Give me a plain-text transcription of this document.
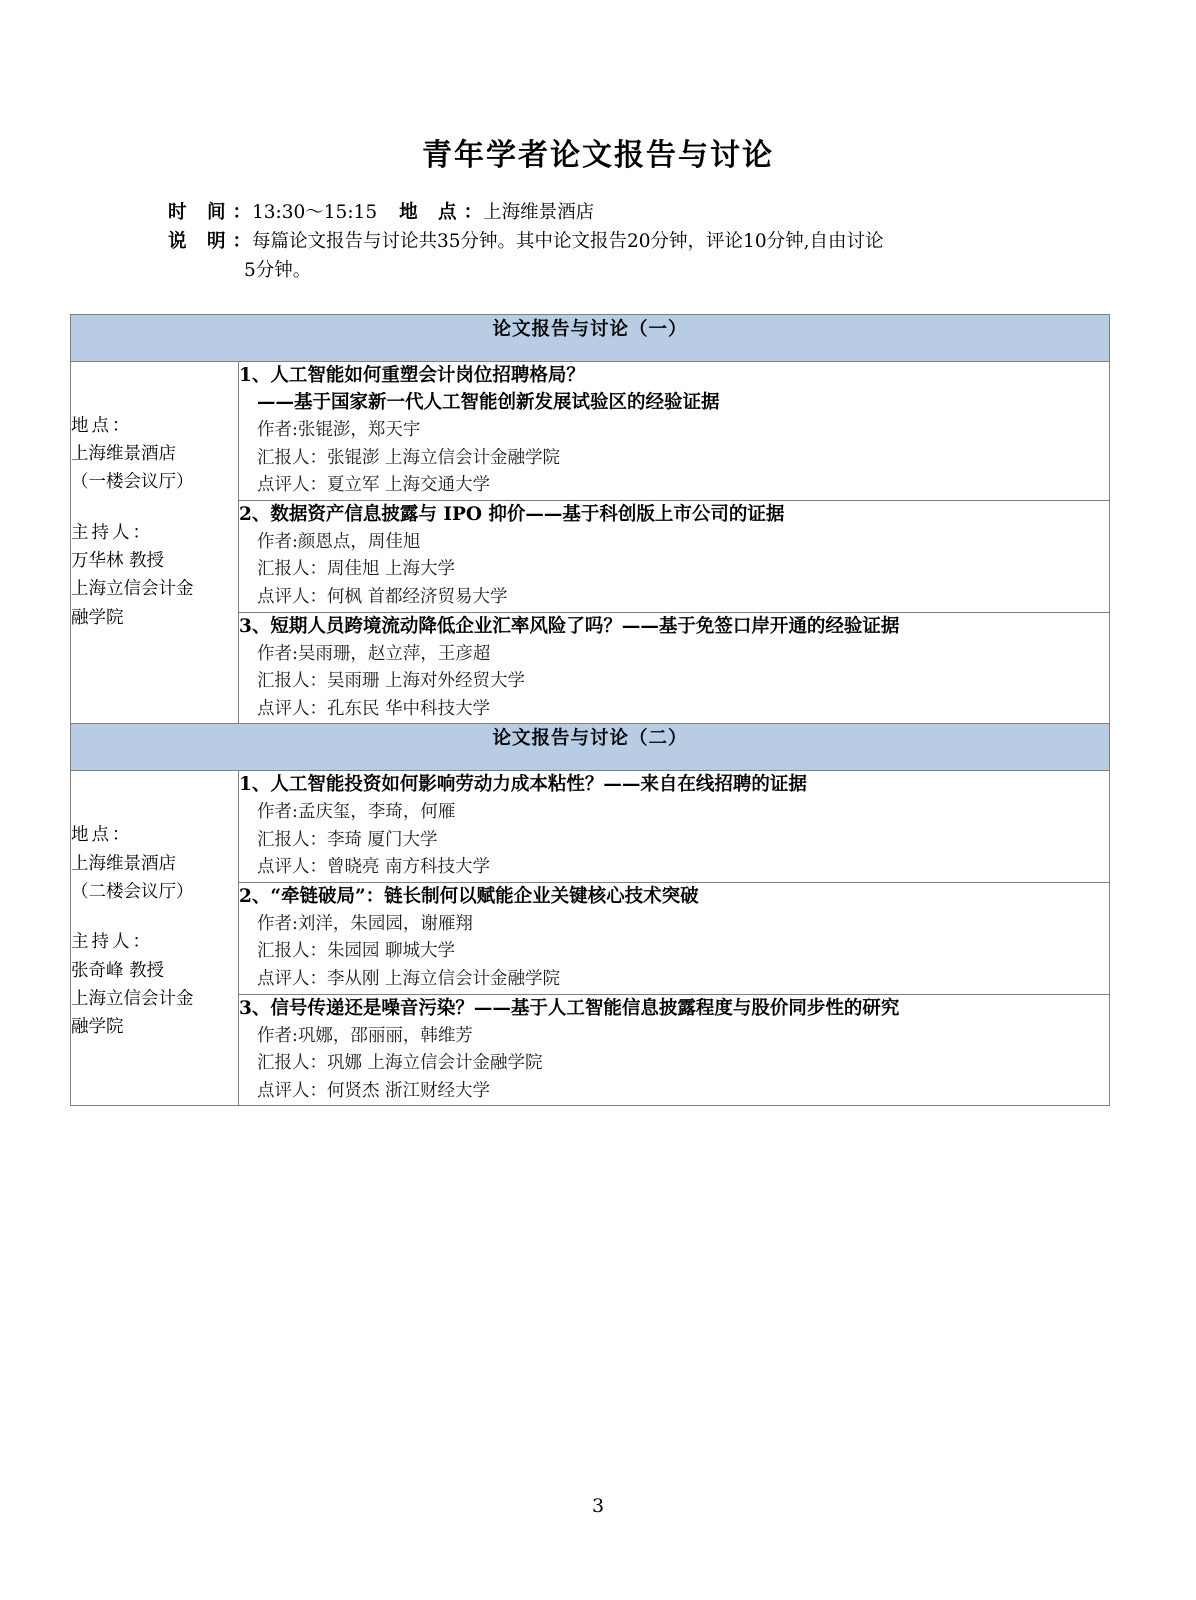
青年学者论文报告与讨论
时 间：13:30～15:15 地 点：上海维景酒店
说 明：每篇论文报告与讨论共35分钟。其中论文报告20分钟，评论10分钟,自由讨论
5分钟。
论文报告与讨论（一）	

地点：
上海维景酒店
（一楼会议厅）
主持人：
万华林 教授
上海立信会计金
融学院

1、人工智能如何重塑会计岗位招聘格局？
——基于国家新一代人工智能创新发展试验区的经验证据
作者:张锟澎，郑天宇
汇报人：张锟澎 上海立信会计金融学院
点评人：夏立军 上海交通大学

	2、数据资产信息披露与 IPO 抑价——基于科创版上市公司的证据
作者:颜恩点，周佳旭
汇报人：周佳旭 上海大学
点评人：何枫 首都经济贸易大学

	3、短期人员跨境流动降低企业汇率风险了吗？——基于免签口岸开通的经验证据
作者:吴雨珊，赵立萍，王彦超
汇报人：吴雨珊 上海对外经贸大学
点评人：孔东民 华中科技大学

论文报告与讨论（二）	

地点：
上海维景酒店
（二楼会议厅）
主持人：
张奇峰 教授
上海立信会计金
融学院

1、人工智能投资如何影响劳动力成本粘性？——来自在线招聘的证据
作者:孟庆玺，李琦，何雁
汇报人：李琦 厦门大学
点评人：曾晓亮 南方科技大学

	2、“牵链破局”：链长制何以赋能企业关键核心技术突破
作者:刘洋，朱园园，谢雁翔
汇报人：朱园园 聊城大学
点评人：李从刚 上海立信会计金融学院

	3、信号传递还是噪音污染？——基于人工智能信息披露程度与股价同步性的研究
作者:巩娜，邵丽丽，韩维芳
汇报人：巩娜 上海立信会计金融学院
点评人：何贤杰 浙江财经大学
3
